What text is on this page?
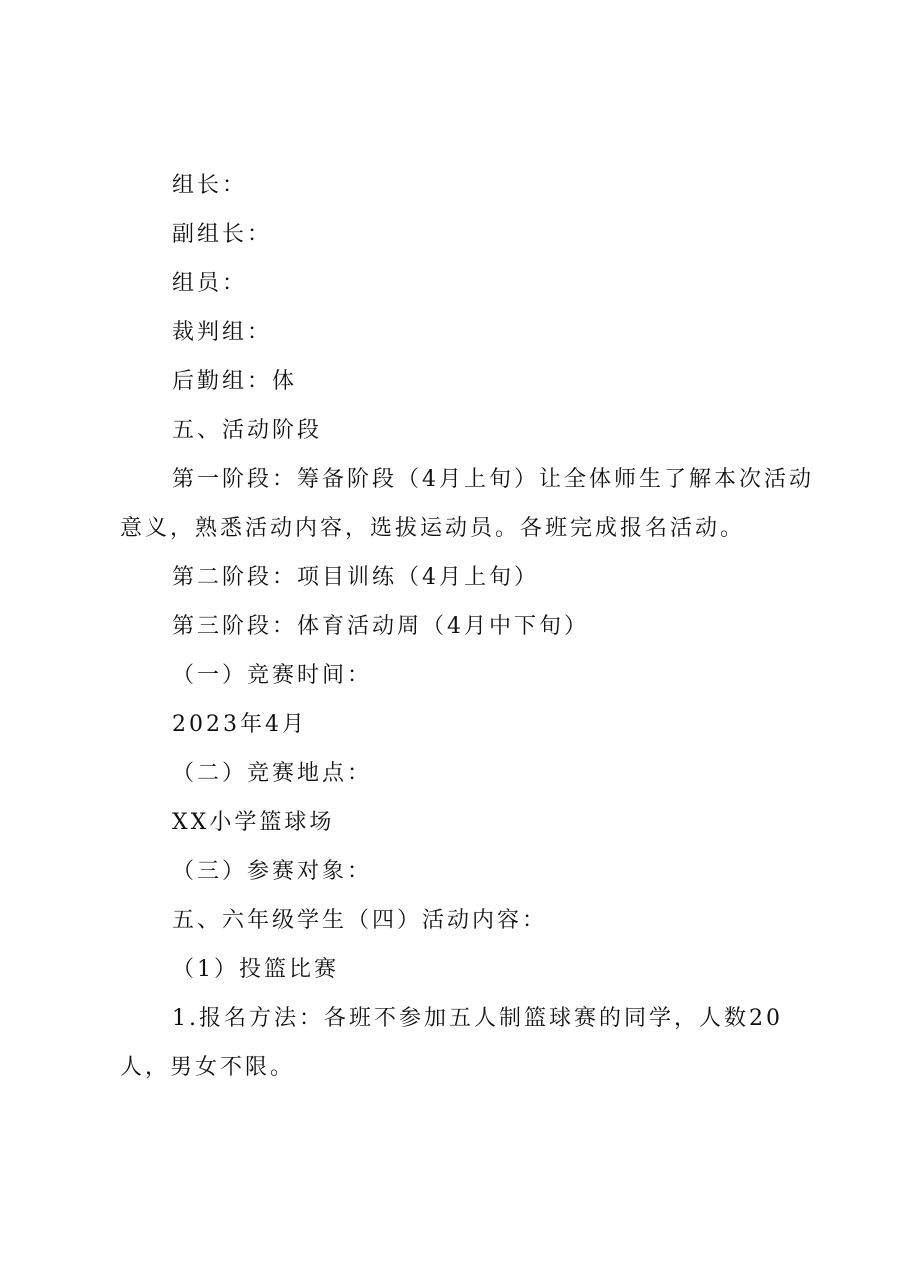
组长：
副组长：
组员：
裁判组：
后勤组：体
五、活动阶段
第一阶段：筹备阶段（4月上旬）让全体师生了解本次活动意义，熟悉活动内容，选拔运动员。各班完成报名活动。
第二阶段：项目训练（4月上旬）
第三阶段：体育活动周（4月中下旬）
（一）竞赛时间：
2023年4月
（二）竞赛地点：
XX小学篮球场
（三）参赛对象：
五、六年级学生（四）活动内容：
（1）投篮比赛
1.报名方法：各班不参加五人制篮球赛的同学，人数20人，男女不限。
